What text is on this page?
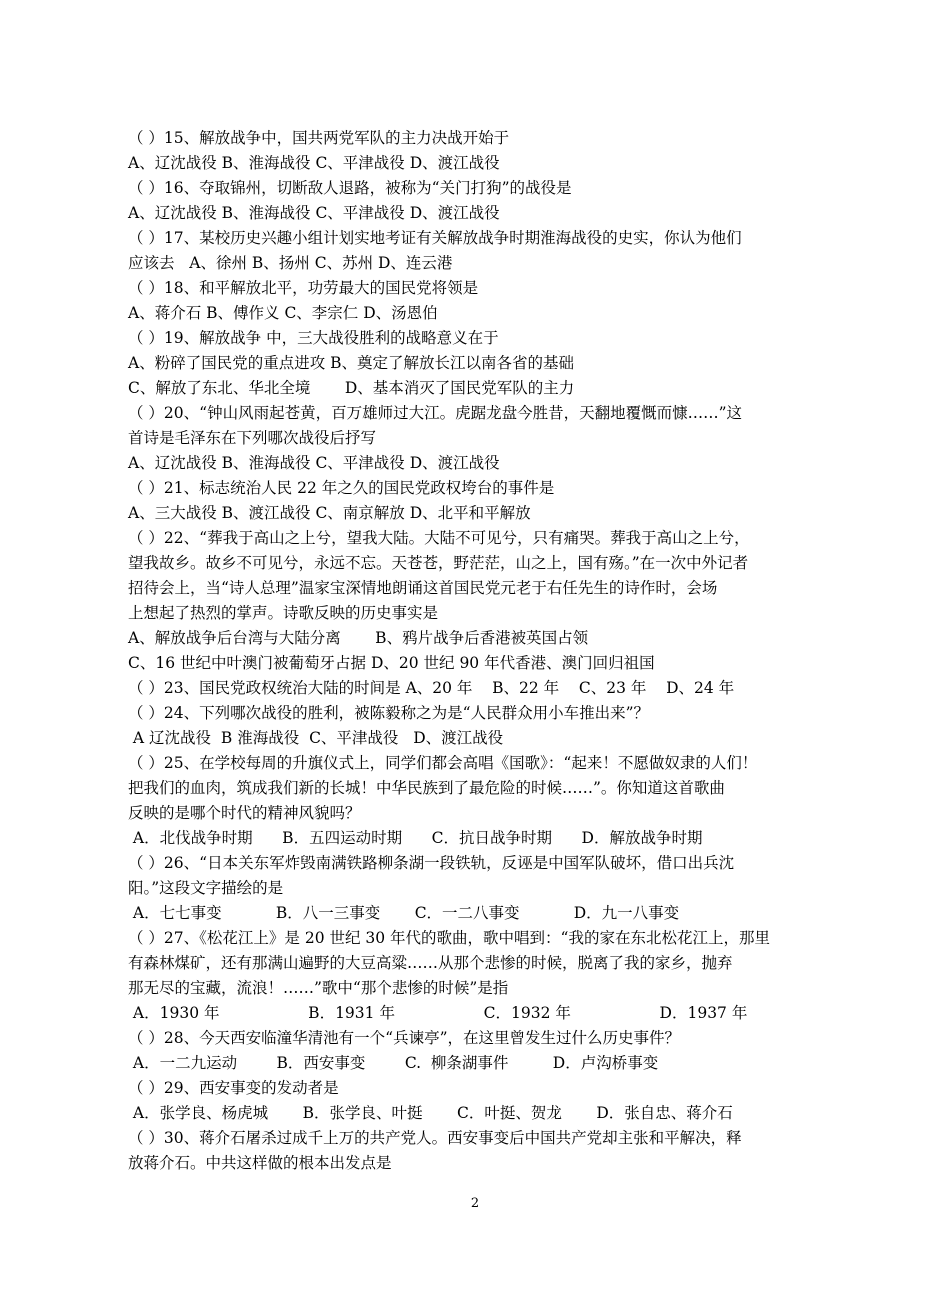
（ ）15、解放战争中，国共两党军队的主力决战开始于
A、辽沈战役 B、淮海战役 C、平津战役 D、渡江战役
（ ）16、夺取锦州，切断敌人退路，被称为“关门打狗”的战役是
A、辽沈战役 B、淮海战役 C、平津战役 D、渡江战役
（ ）17、某校历史兴趣小组计划实地考证有关解放战争时期淮海战役的史实，你认为他们
应该去   A、徐州 B、扬州 C、苏州 D、连云港
（ ）18、和平解放北平，功劳最大的国民党将领是
A、蒋介石 B、傅作义 C、李宗仁 D、汤恩伯
（ ）19、解放战争 中，三大战役胜利的战略意义在于
A、粉碎了国民党的重点进攻 B、奠定了解放长江以南各省的基础
C、解放了东北、华北全境       D、基本消灭了国民党军队的主力
（ ）20、“钟山风雨起苍黄，百万雄师过大江。虎踞龙盘今胜昔，天翻地覆慨而慷……”这
首诗是毛泽东在下列哪次战役后抒写
A、辽沈战役 B、淮海战役 C、平津战役 D、渡江战役
（ ）21、标志统治人民 22 年之久的国民党政权垮台的事件是
A、三大战役 B、渡江战役 C、南京解放 D、北平和平解放
（ ）22、“葬我于高山之上兮，望我大陆。大陆不可见兮，只有痛哭。葬我于高山之上兮，
望我故乡。故乡不可见兮，永远不忘。天苍苍，野茫茫，山之上，国有殇。”在一次中外记者
招待会上，当“诗人总理”温家宝深情地朗诵这首国民党元老于右任先生的诗作时，会场
上想起了热烈的掌声。诗歌反映的历史事实是
A、解放战争后台湾与大陆分离       B、鸦片战争后香港被英国占领
C、16 世纪中叶澳门被葡萄牙占据 D、20 世纪 90 年代香港、澳门回归祖国
（ ）23、国民党政权统治大陆的时间是 A、20 年    B、22 年    C、23 年    D、24 年
（ ）24、下列哪次战役的胜利，被陈毅称之为是“人民群众用小车推出来”？
A 辽沈战役  B 淮海战役  C、平津战役   D、渡江战役
（ ）25、在学校每周的升旗仪式上，同学们都会高唱《国歌》：“起来！不愿做奴隶的人们！
把我们的血肉，筑成我们新的长城！中华民族到了最危险的时候……”。你知道这首歌曲
反映的是哪个时代的精神风貌吗？
A．北伐战争时期      B．五四运动时期      C．抗日战争时期      D．解放战争时期
（ ）26、“日本关东军炸毁南满铁路柳条湖一段铁轨，反诬是中国军队破坏，借口出兵沈
阳。”这段文字描绘的是
A．七七事变           B．八一三事变       C．一二八事变           D．九一八事变
（ ）27、《松花江上》是 20 世纪 30 年代的歌曲，歌中唱到：“我的家在东北松花江上，那里
有森林煤矿，还有那满山遍野的大豆高粱……从那个悲惨的时候，脱离了我的家乡，抛弃
那无尽的宝藏，流浪！……”歌中“那个悲惨的时候”是指
A．1930 年                  B．1931 年                  C．1932 年                  D．1937 年
（ ）28、今天西安临潼华清池有一个“兵谏亭”，在这里曾发生过什么历史事件？
A．一二九运动        B．西安事变        C.  柳条湖事件         D．卢沟桥事变
（ ）29、西安事变的发动者是
A．张学良、杨虎城       B．张学良、叶挺       C．叶挺、贺龙       D．张自忠、蒋介石
（ ）30、蒋介石屠杀过成千上万的共产党人。西安事变后中国共产党却主张和平解决，释
放蒋介石。中共这样做的根本出发点是
2
